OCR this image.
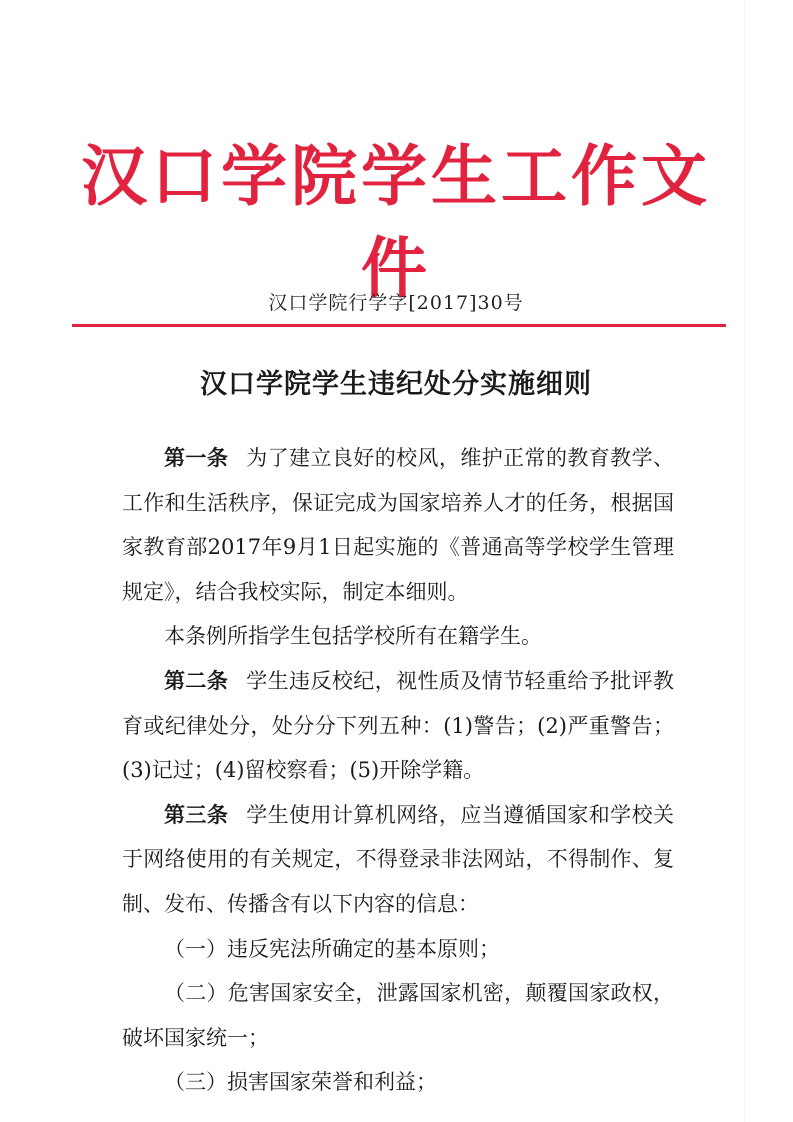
汉口学院学生工作文件
汉口学院行学字[2017]30号
汉口学院学生违纪处分实施细则

第一条 为了建立良好的校风，维护正常的教育教学、工作和生活秩序，保证完成为国家培养人才的任务，根据国家教育部2017年9月1日起实施的《普通高等学校学生管理规定》，结合我校实际，制定本细则。

本条例所指学生包括学校所有在籍学生。

第二条 学生违反校纪，视性质及情节轻重给予批评教育或纪律处分，处分分下列五种：(1)警告；(2)严重警告；(3)记过；(4)留校察看；(5)开除学籍。

第三条 学生使用计算机网络，应当遵循国家和学校关于网络使用的有关规定，不得登录非法网站，不得制作、复制、发布、传播含有以下内容的信息：

（一）违反宪法所确定的基本原则；

（二）危害国家安全，泄露国家机密，颠覆国家政权，破坏国家统一；

（三）损害国家荣誉和利益；
